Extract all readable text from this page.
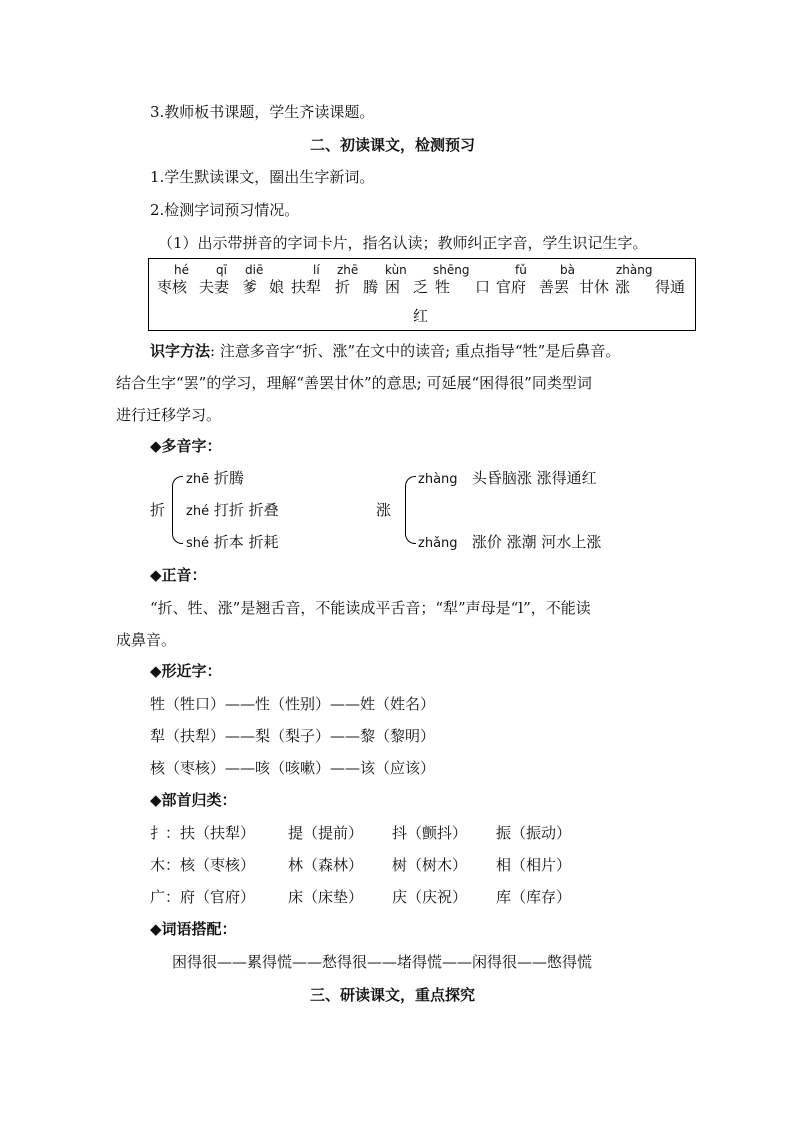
3.教师板书课题，学生齐读课题。
二、初读课文，检测预习
1.学生默读课文，圈出生字新词。
2.检测字词预习情况。
（1）出示带拼音的字词卡片，指名认读；教师纠正字音，学生识记生字。
hé qī diē	lí zhē kùn shēng	fǔ	bà	zhàng
枣核 夫妻 爹 娘 扶犁 折 腾 困 乏 牲 口 官府 善罢 甘休 涨 得通
红
识字方法: 注意多音字“折、涨”在文中的读音; 重点指导“牲”是后鼻音。
结合生字“罢”的学习，理解“善罢甘休”的意思; 可延展“困得很”同类型词
进行迁移学习。
◆多音字：
折
zhē 折腾
zhé 打折 折叠
shé 折本 折耗
涨
zhàng 头昏脑涨 涨得通红
zhǎng 涨价 涨潮 河水上涨
◆正音：
“折、牲、涨”是翘舌音，不能读成平舌音；“犁”声母是“l”，不能读
成鼻音。
◆形近字：
牲（牲口）——性（性别）——姓（姓名）
犁（扶犁）——梨（梨子）——黎（黎明）
核（枣核）——咳（咳嗽）——该（应该）
◆部首归类：
扌：扶（扶犁） 提（提前） 抖（颤抖） 振（振动）
木：核（枣核） 林（森林） 树（树木） 相（相片）
广：府（官府） 床（床垫） 庆（庆祝） 库（库存）
◆词语搭配：
困得很——累得慌——愁得很——堵得慌——闲得很——憋得慌
三、研读课文，重点探究
